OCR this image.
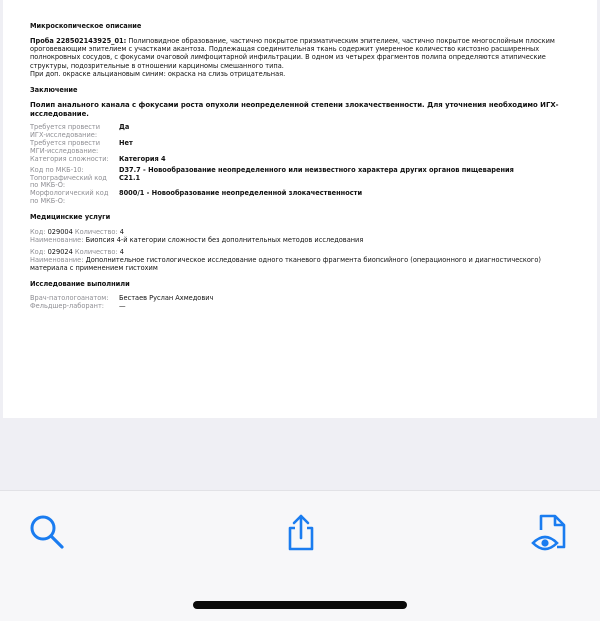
Микроскопическое описание

Проба 228502143925_01: Полиповидное образование, частично покрытое призматическим эпителием, частично покрытое многослойным плоским

ороговевающим эпителием с участками акантоза. Подлежащая соединительная ткань содержит умеренное количество кистозно расширенных

полнокровных сосудов, с фокусами очаговой лимфоцитарной инфильтрации. В одном из четырех фрагментов полипа определяются атипические

структуры, подозрительные в отношении карциномы смешанного типа.

При доп. окраске альциановым синим: окраска на слизь отрицательная.

Заключение
Полип анального канала с фокусами роста опухоли неопределенной степени злокачественности. Для уточнения необходимо ИГХ-
исследование.
Требуется провести
ИГХ-исследование:
Да
Требуется провести
МГИ-исследование:
Нет
Категория сложности:	Категория 4
Код по МКБ-10:	D37.7 - Новообразование неопределенного или неизвестного характера других органов пищеварения
Топографический код
по МКБ-О:
C21.1
Морфологический код
по МКБ-О:
8000/1 - Новообразование неопределенной злокачественности
Медицинские услуги
Код: 029004 Количество: 4
Наименование: Биопсия 4-й категории сложности без дополнительных методов исследования
Код: 029024 Количество: 4
Наименование: Дополнительное гистологическое исследование одного тканевого фрагмента биопсийного (операционного и диагностического)
материала с применением гистохим
Исследование выполнили
Врач-патологоанатом:	Бестаев Руслан Ахмедович
Фельдшер-лаборант:	—
